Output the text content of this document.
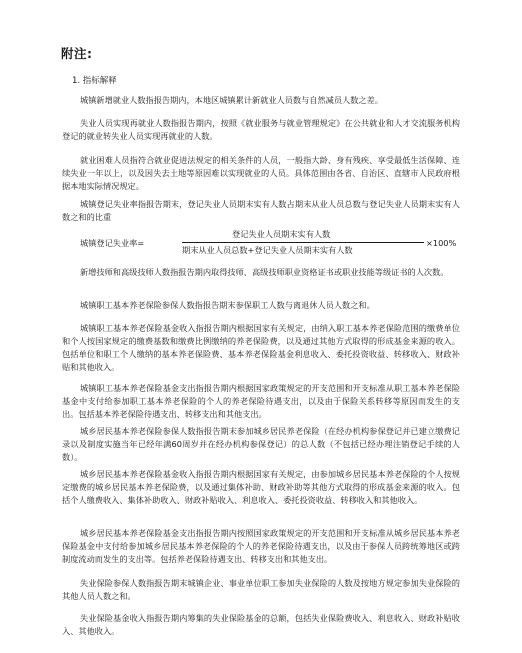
附注:
1. 指标解释
城镇新增就业人数指报告期内，本地区城镇累计新就业人员数与自然减员人数之差。
失业人员实现再就业人数指报告期内，按照《就业服务与就业管理规定》在公共就业和人才交流服务机构登记的就业转失业人员实现再就业的人数。
就业困难人员指符合就业促进法规定的相关条件的人员，一般指大龄、身有残疾、享受最低生活保障、连续失业一年以上，以及因失去土地等原因难以实现就业的人员。具体范围由各省、自治区、直辖市人民政府根据本地实际情况规定。
城镇登记失业率指报告期末，登记失业人员期末实有人数占期末从业人员总数与登记失业人员期末实有人数之和的比重
城镇登记失业率=
登记失业人员期末实有人数
期末从业人员总数+登记失业人员期末实有人数
×100%
新增技师和高级技师人数指报告期内取得技师、高级技师职业资格证书或职业技能等级证书的人次数。
城镇职工基本养老保险参保人数指报告期末参保职工人数与离退休人员人数之和。
城镇职工基本养老保险基金收入指报告期内根据国家有关规定，由纳入职工基本养老保险范围的缴费单位和个人按国家规定的缴费基数和缴费比例缴纳的养老保险费，以及通过其他方式取得的形成基金来源的收入。包括单位和职工个人缴纳的基本养老保险费、基本养老保险基金利息收入、委托投资收益、转移收入、财政补贴和其他收入。
城镇职工基本养老保险基金支出指报告期内根据国家政策规定的开支范围和开支标准从职工基本养老保险基金中支付给参加职工基本养老保险的个人的养老保险待遇支出，以及由于保险关系转移等原因而发生的支出。包括基本养老保险待遇支出、转移支出和其他支出。
城乡居民基本养老保险参保人数指报告期末参加城乡居民养老保险（在经办机构参保登记并已建立缴费记录以及制度实施当年已经年满60周岁并在经办机构参保登记）的总人数（不包括已经办理注销登记手续的人数）。
城乡居民基本养老保险基金收入指报告期内根据国家有关规定，由参加城乡居民基本养老保险的个人按规定缴费的城乡居民基本养老保险费，以及通过集体补助、财政补助等其他方式取得的形成基金来源的收入。包括个人缴费收入、集体补助收入、财政补贴收入、利息收入、委托投资收益、转移收入和其他收入。
城乡居民基本养老保险基金支出指报告期内按照国家政策规定的开支范围和开支标准从城乡居民基本养老保险基金中支付给参加城乡居民基本养老保险的个人的养老保险待遇支出，以及由于参保人员跨统筹地区或跨制度流动而发生的支出等。包括养老保险待遇支出、转移支出和其他支出。
失业保险参保人数指报告期末城镇企业、事业单位职工参加失业保险的人数及按地方规定参加失业保险的其他人员人数之和。
失业保险基金收入指报告期内筹集的失业保险基金的总额，包括失业保险费收入、利息收入、财政补贴收入、其他收入。
